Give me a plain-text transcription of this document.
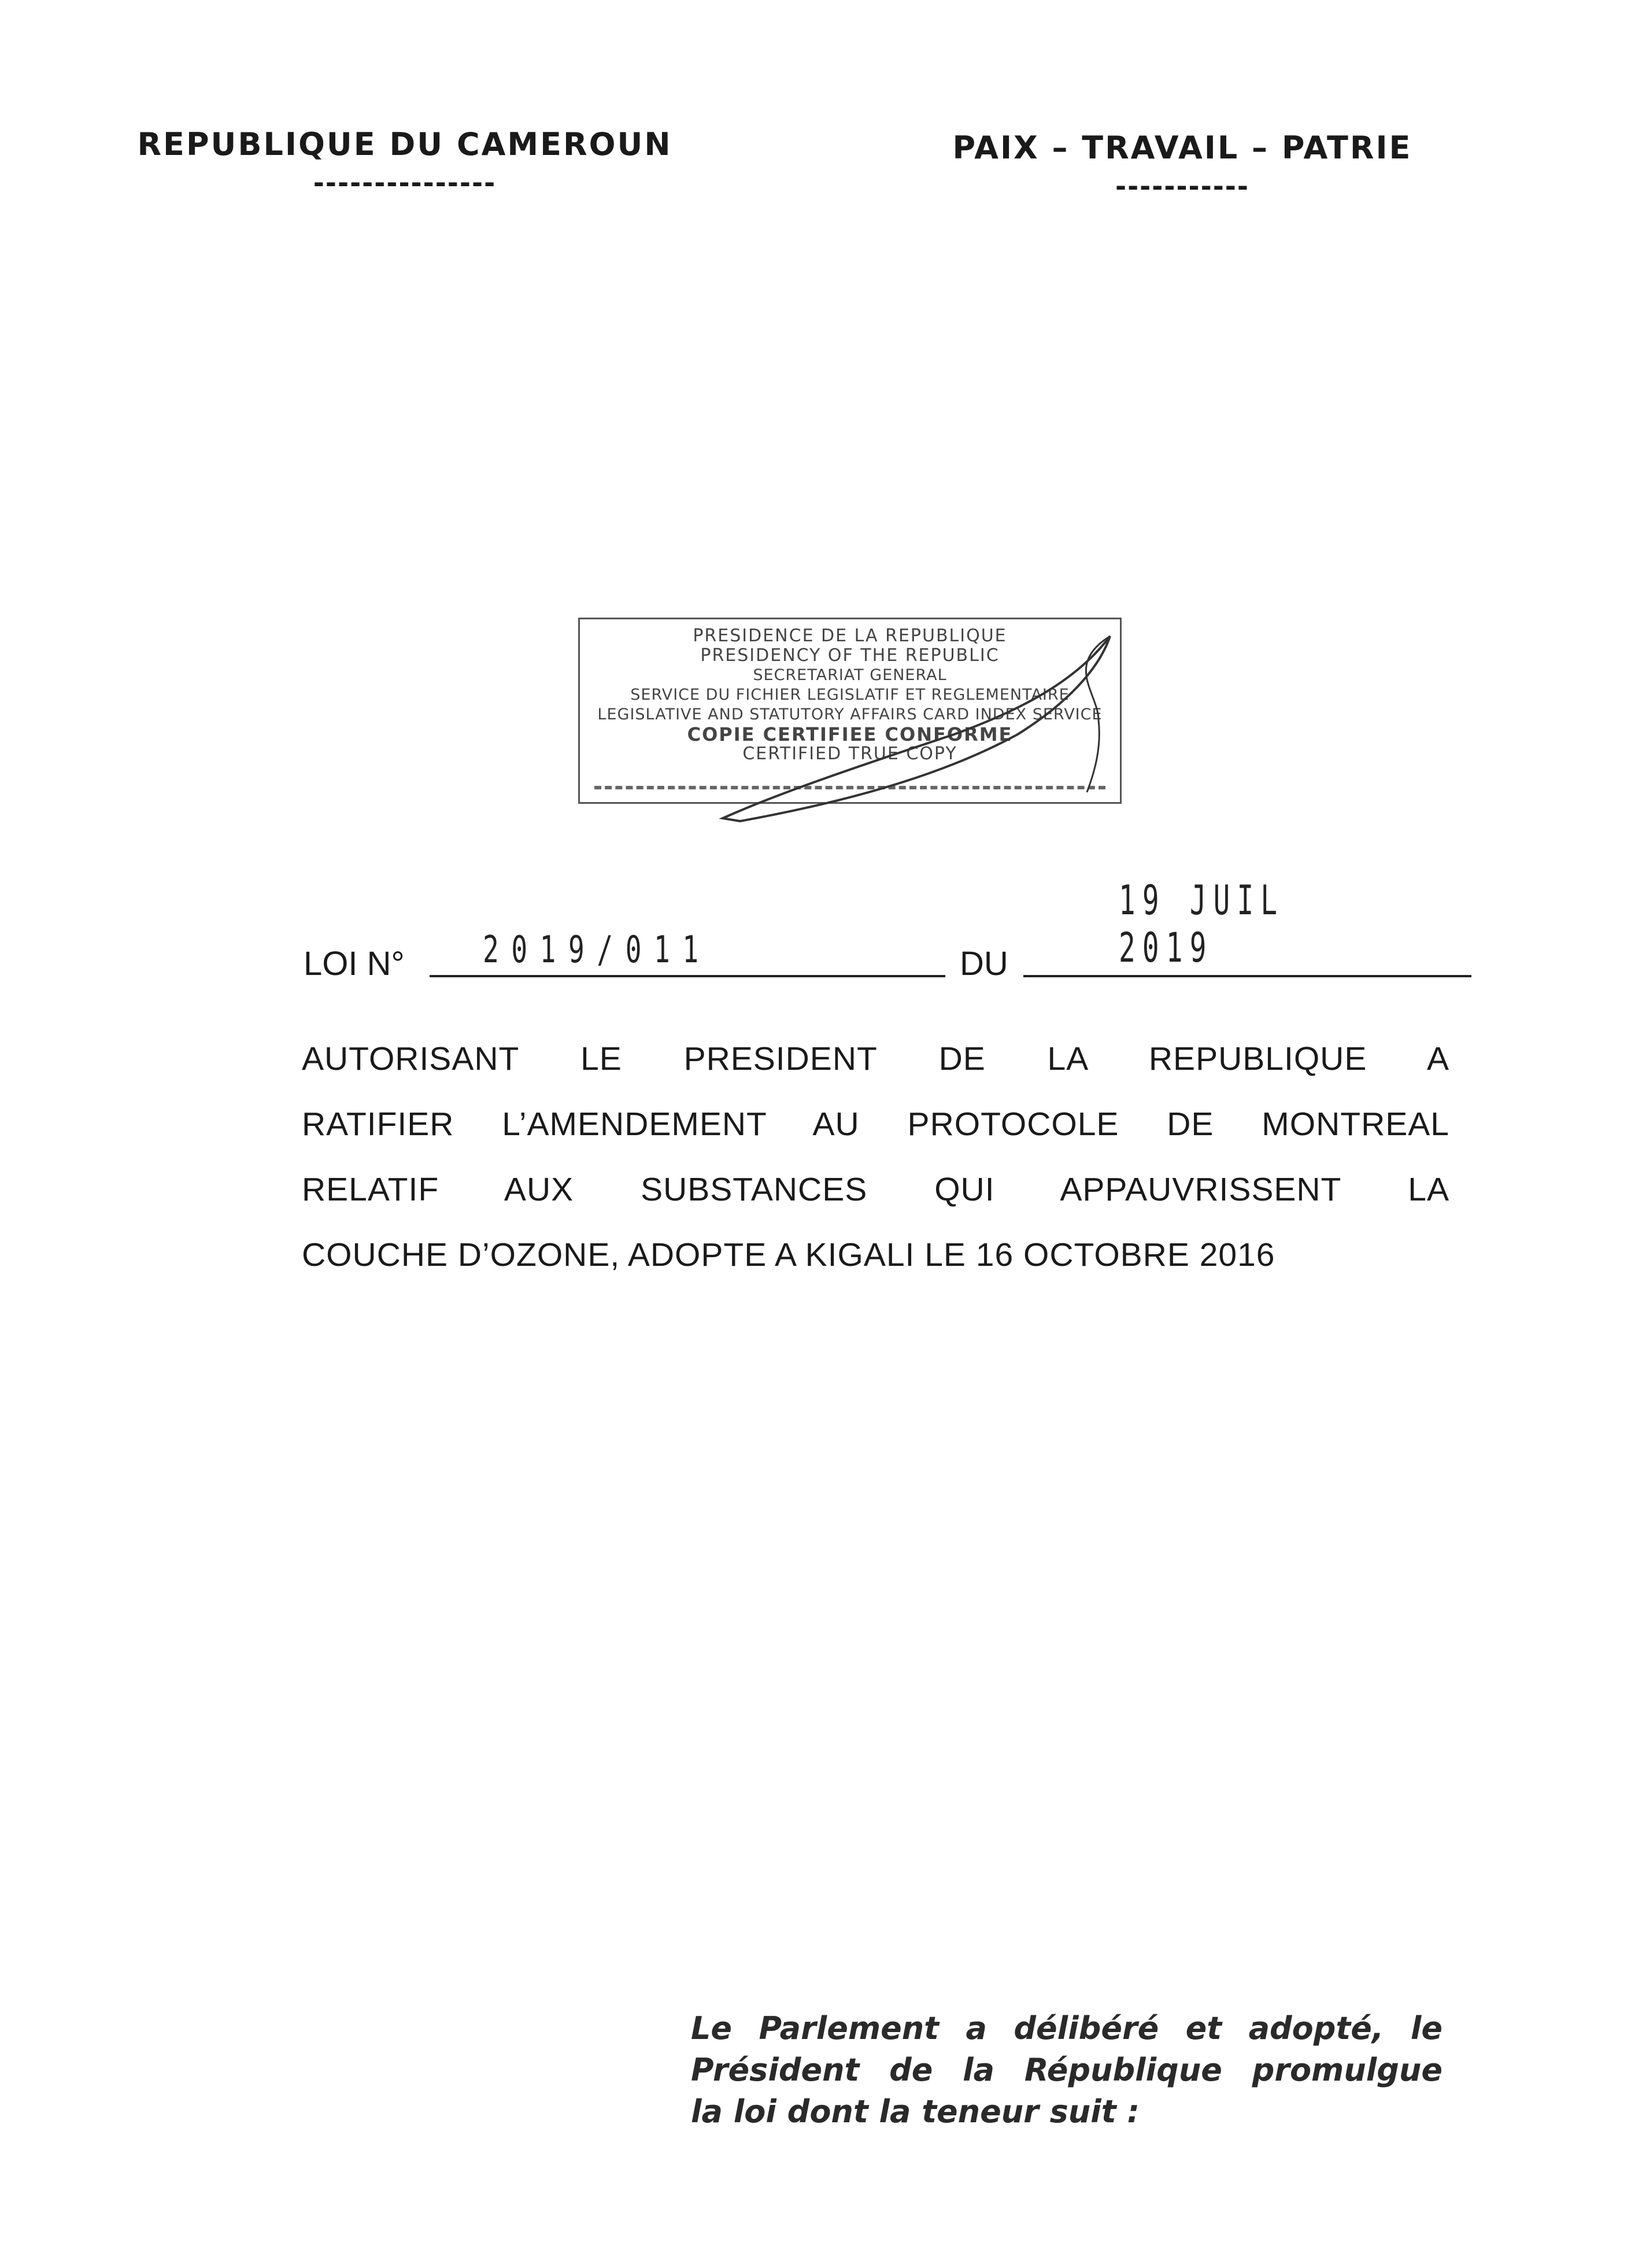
REPUBLIQUE DU CAMEROUN
---------------
PAIX – TRAVAIL – PATRIE
-----------
PRESIDENCE DE LA REPUBLIQUE
PRESIDENCY OF THE REPUBLIC
SECRETARIAT GENERAL
SERVICE DU FICHIER LEGISLATIF ET REGLEMENTAIRE
LEGISLATIVE AND STATUTORY AFFAIRS CARD INDEX SERVICE
COPIE CERTIFIEE CONFORME
CERTIFIED TRUE COPY
LOI N° 2019/011	DU
19 JUIL 2019
AUTORISANT LE PRESIDENT DE LA REPUBLIQUE A
RATIFIER L’AMENDEMENT AU PROTOCOLE DE MONTREAL
RELATIF AUX SUBSTANCES QUI APPAUVRISSENT LA
COUCHE D’OZONE, ADOPTE A KIGALI LE 16 OCTOBRE 2016
Le Parlement a délibéré et adopté, le
Président de la République promulgue
la loi dont la teneur suit :
